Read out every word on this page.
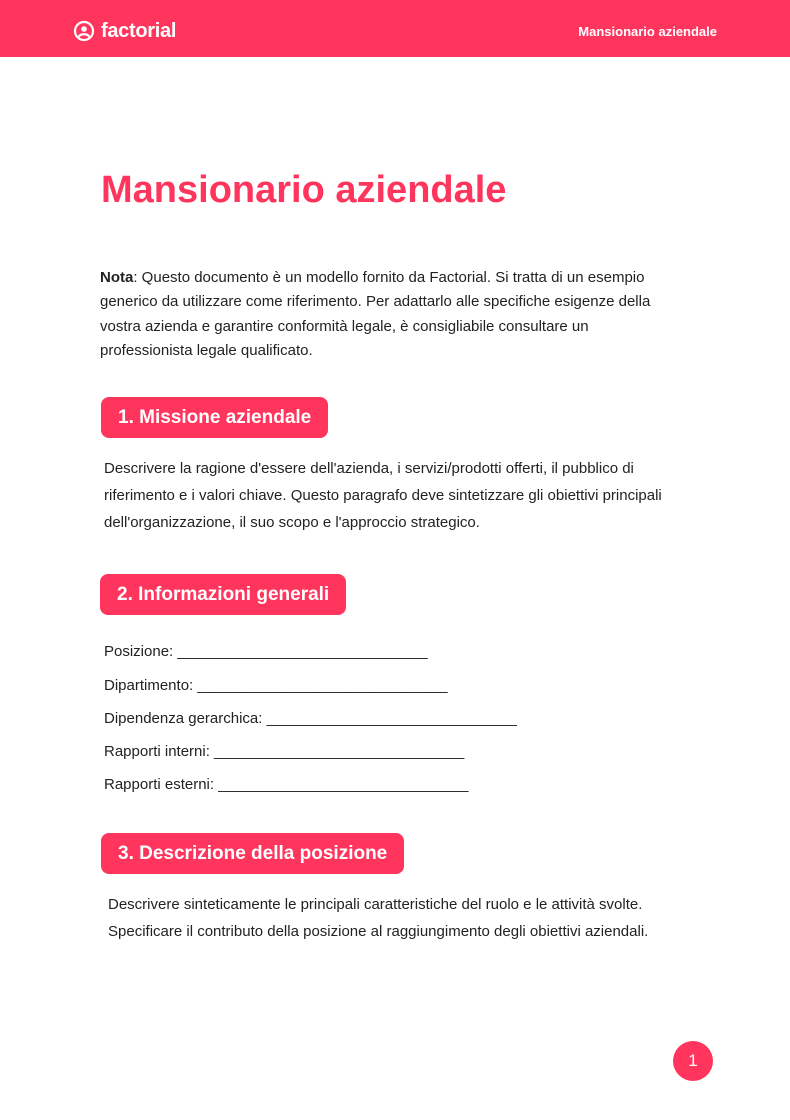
factorial	Mansionario aziendale
Mansionario aziendale
Nota: Questo documento è un modello fornito da Factorial. Si tratta di un esempio generico da utilizzare come riferimento. Per adattarlo alle specifiche esigenze della vostra azienda e garantire conformità legale, è consigliabile consultare un professionista legale qualificato.
1. Missione aziendale
Descrivere la ragione d'essere dell'azienda, i servizi/prodotti offerti, il pubblico di riferimento e i valori chiave. Questo paragrafo deve sintetizzare gli obiettivi principali dell'organizzazione, il suo scopo e l'approccio strategico.
2. Informazioni generali
Posizione: ______________________________
Dipartimento: ______________________________
Dipendenza gerarchica: ______________________________
Rapporti interni: ______________________________
Rapporti esterni: ______________________________
3. Descrizione della posizione
Descrivere sinteticamente le principali caratteristiche del ruolo e le attività svolte. Specificare il contributo della posizione al raggiungimento degli obiettivi aziendali.
1
